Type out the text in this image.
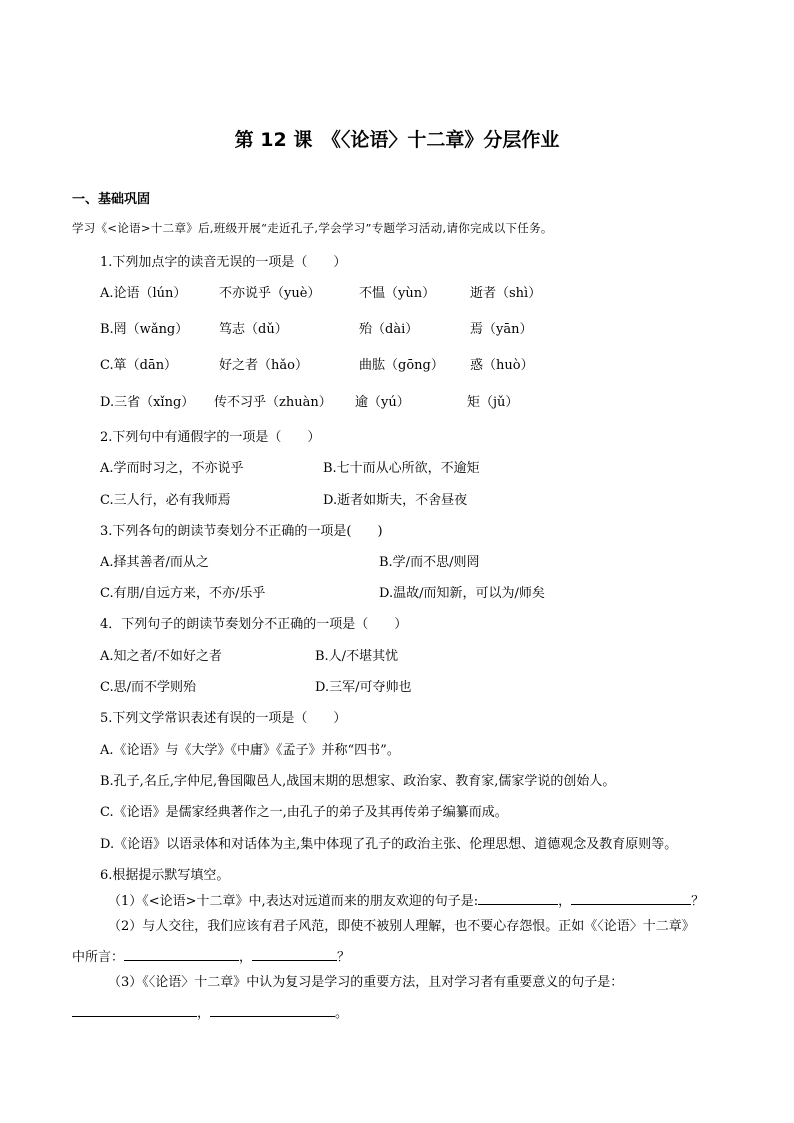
第 12 课　《〈论语〉十二章》分层作业
一、基础巩固
学习《<论语>十二章》后,班级开展“走近孔子,学会学习”专题学习活动,请你完成以下任务。
1.下列加点字的读音无误的一项是（　　）
A.论语（lún）	不亦说乎（yuè）	不愠（yùn）	逝者（shì）
B.罔（wǎng） 笃志（dǔ）	殆（dài）	焉（yān）
C.箪（dān）	好之者（hǎo）	曲肱（gōng） 惑（huò）
D.三省（xǐng） 传不习乎（zhuàn） 逾（yú）	矩（jǔ）
2.下列句中有通假字的一项是（　　）
A.学而时习之，不亦说乎	B.七十而从心所欲，不逾矩
C.三人行，必有我师焉	D.逝者如斯夫，不舍昼夜
3.下列各句的朗读节奏划分不正确的一项是(　　)
A.择其善者/而从之	B.学/而不思/则罔
C.有朋/自远方来，不亦/乐乎	D.温故/而知新，可以为/师矣
4．下列句子的朗读节奏划分不正确的一项是（　　）
A.知之者/不如好之者	B.人/不堪其忧
C.思/而不学则殆	D.三军/可夺帅也
5.下列文学常识表述有误的一项是（　　）
A.《论语》与《大学》《中庸》《孟子》并称“四书”。
B.孔子,名丘,字仲尼,鲁国陬邑人,战国末期的思想家、政治家、教育家,儒家学说的创始人。
C.《论语》是儒家经典著作之一,由孔子的弟子及其再传弟子编纂而成。
D.《论语》以语录体和对话体为主,集中体现了孔子的政治主张、伦理思想、道德观念及教育原则等。
6.根据提示默写填空。
（1）《<论语>十二章》中,表达对远道而来的朋友欢迎的句子是:	，	？
（2）与人交往，我们应该有君子风范，即使不被别人理解，也不要心存怨恨。正如《〈论语〉十二章》
中所言：	，	？
（3）《〈论语〉十二章》中认为复习是学习的重要方法，且对学习者有重要意义的句子是：
，	。
